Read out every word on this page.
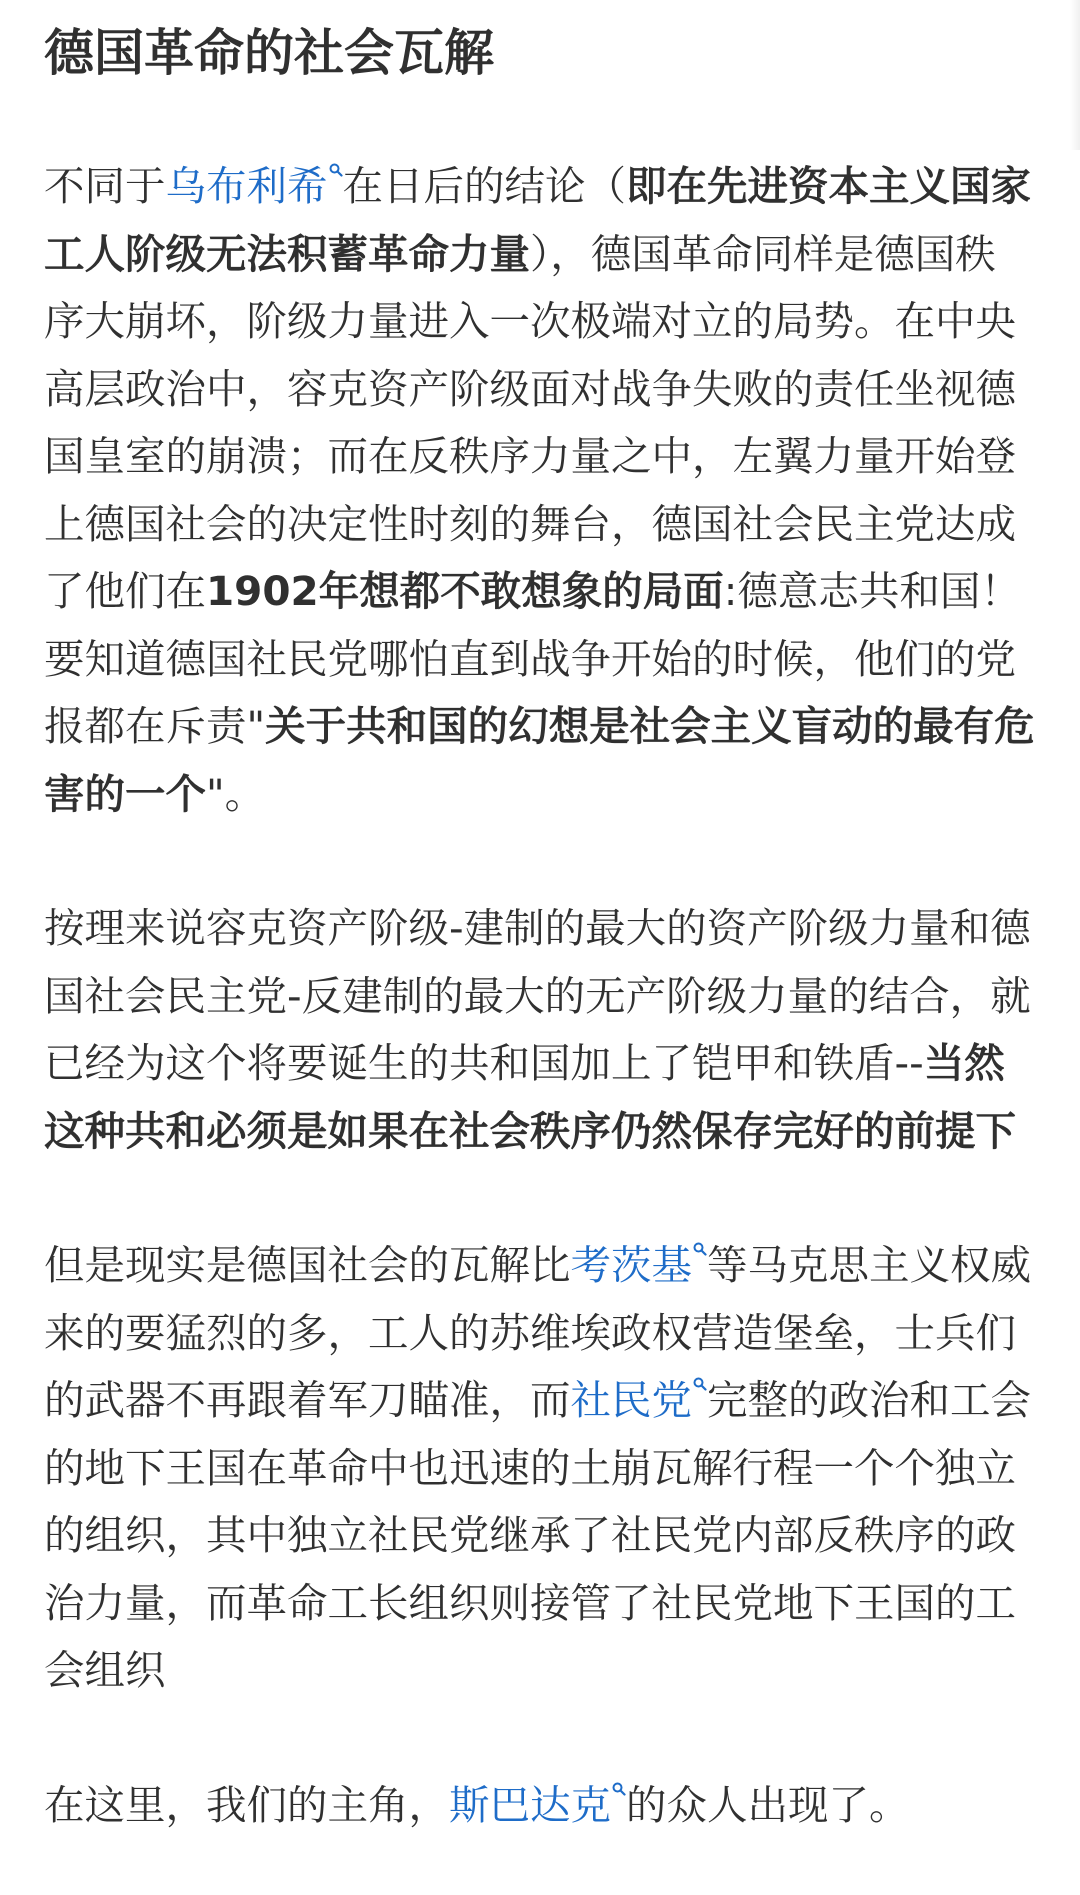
德国革命的社会瓦解

不同于乌布利希 在日后的结论（即在先进资本主义国家工人阶级无法积蓄革命力量），德国革命同样是德国秩序大崩坏，阶级力量进入一次极端对立的局势。在中央高层政治中，容克资产阶级面对战争失败的责任坐视德国皇室的崩溃；而在反秩序力量之中，左翼力量开始登上德国社会的决定性时刻的舞台，德国社会民主党达成了他们在1902年想都不敢想象的局面:德意志共和国！要知道德国社民党哪怕直到战争开始的时候，他们的党报都在斥责"关于共和国的幻想是社会主义盲动的最有危害的一个"。

按理来说容克资产阶级-建制的最大的资产阶级力量和德国社会民主党-反建制的最大的无产阶级力量的结合，就已经为这个将要诞生的共和国加上了铠甲和铁盾--当然这种共和必须是如果在社会秩序仍然保存完好的前提下

但是现实是德国社会的瓦解比考茨基 等马克思主义权威来的要猛烈的多，工人的苏维埃政权营造堡垒，士兵们的武器不再跟着军刀瞄准，而社民党 完整的政治和工会的地下王国在革命中也迅速的土崩瓦解行程一个个独立的组织，其中独立社民党继承了社民党内部反秩序的政治力量，而革命工长组织则接管了社民党地下王国的工会组织

在这里，我们的主角，斯巴达克 的众人出现了。
